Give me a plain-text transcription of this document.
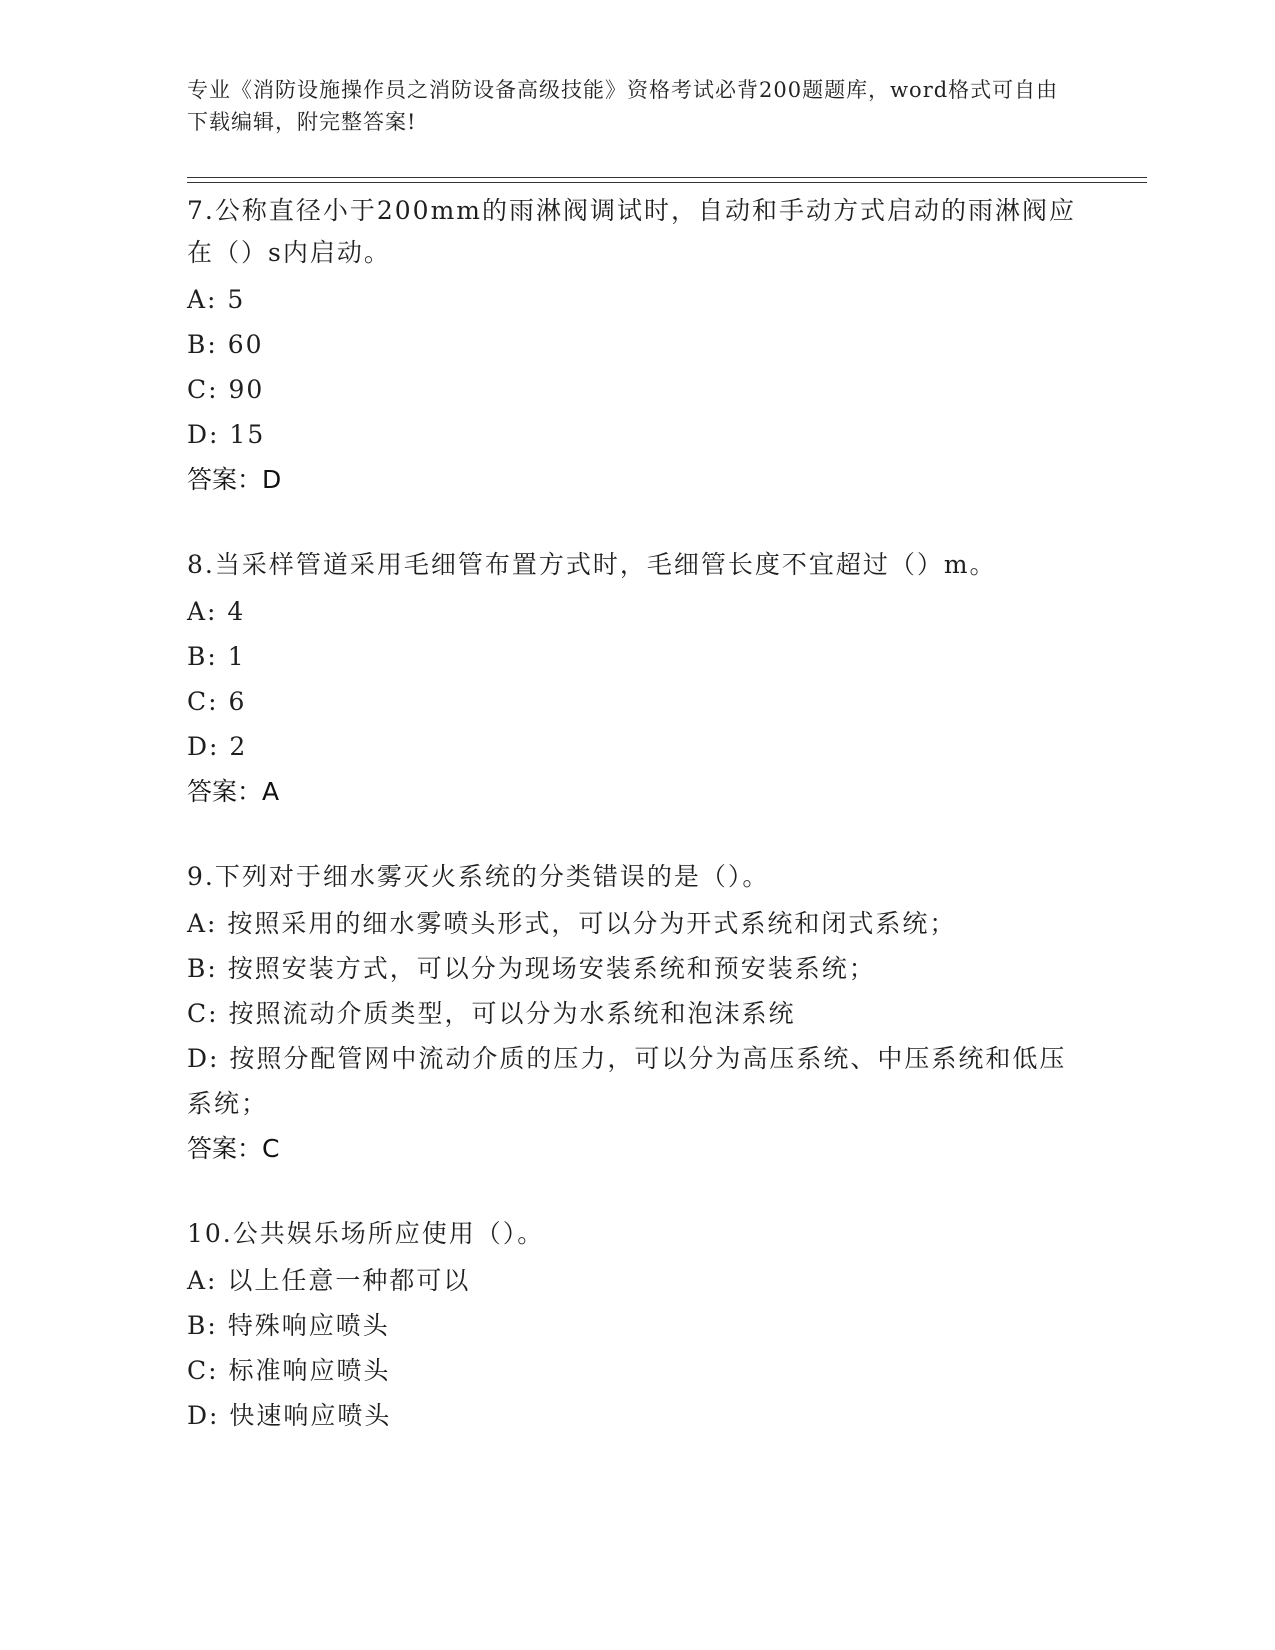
专业《消防设施操作员之消防设备高级技能》资格考试必背200题题库，word格式可自由下载编辑，附完整答案!
7.公称直径小于200mm的雨淋阀调试时，自动和手动方式启动的雨淋阀应在（）s内启动。
A: 5
B: 60
C: 90
D: 15
答案：D
8.当采样管道采用毛细管布置方式时，毛细管长度不宜超过（）m。
A: 4
B: 1
C: 6
D: 2
答案：A
9.下列对于细水雾灭火系统的分类错误的是（）。
A: 按照采用的细水雾喷头形式，可以分为开式系统和闭式系统；
B: 按照安装方式，可以分为现场安装系统和预安装系统；
C: 按照流动介质类型，可以分为水系统和泡沫系统
D: 按照分配管网中流动介质的压力，可以分为高压系统、中压系统和低压系统；
答案：C
10.公共娱乐场所应使用（）。
A: 以上任意一种都可以
B: 特殊响应喷头
C: 标准响应喷头
D: 快速响应喷头
